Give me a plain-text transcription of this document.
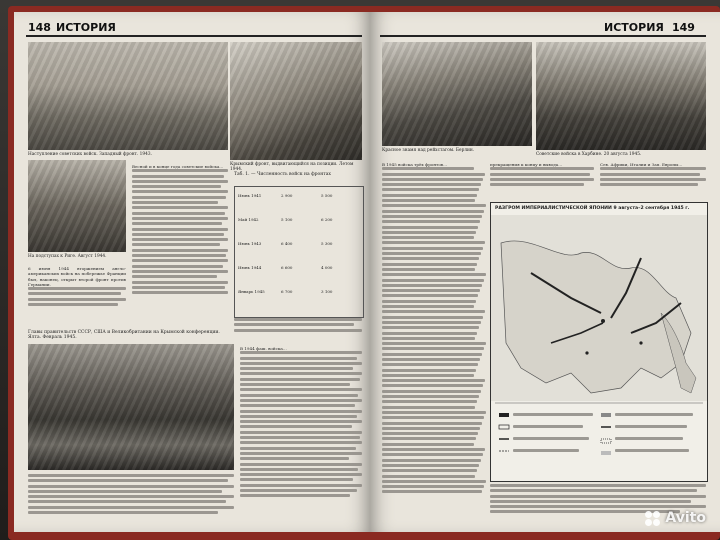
148 ИСТОРИЯ
Наступление советских войск. Западный фронт. 1943.
Крымский фронт, выдвигающийся на позиции. Летом 1944.
На подступах к Риге. Август 1944.
6 июня 1944 вторжением англо-американских войск на побережье Франции был, наконец, открыт второй фронт против Германии.
Весной и в конце года советские войска...
Таб. 1. — Численность войск на фронтах
Июнь 1941	2 900	5 500
Май 1942	5 100	6 200
Июнь 1943	6 400	5 300
Июнь 1944	6 600	4 000
Январь 1945	6 700	3 100
Главы правительств СССР, США и Великобритании на Крымской конференции. Ялта. Февраль 1945.
В 1944 фаш. войска...
ИСТОРИЯ 149
Красное знамя над рейхстагом. Берлин.
Советские войска в Харбине. 20 августа 1945.
В 1945 войска трёх фронтов...	прекращения к концу и вывода...	Сев. Африки, Италии и Зап. Европы...
РАЗГРОМ ИМПЕРИАЛИСТИЧЕСКОЙ ЯПОНИИ 9 августа–2 сентября 1945 г.
Avito
